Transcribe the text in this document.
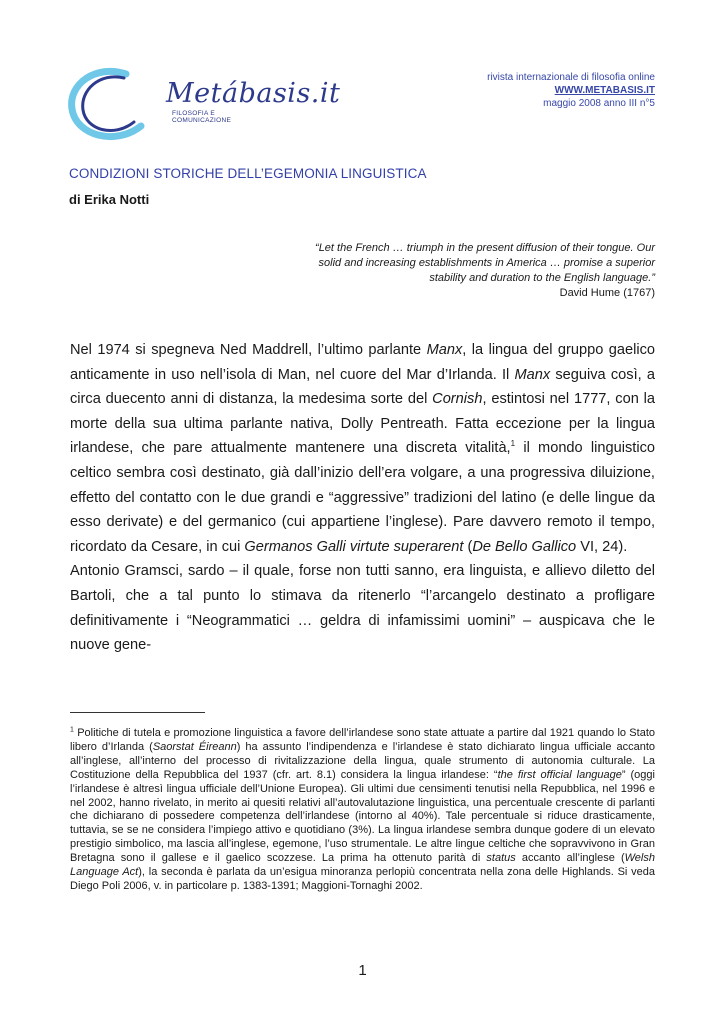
Metábasis.it
FILOSOFIA E COMUNICAZIONE
rivista internazionale di filosofia online
WWW.METABASIS.IT
maggio 2008 anno III n°5
CONDIZIONI STORICHE DELL’EGEMONIA LINGUISTICA
di Erika Notti
“Let the French … triumph in the present diffusion of their tongue. Our solid and increasing establishments in America … promise a superior stability and duration to the English language.”
David Hume (1767)

Nel 1974 si spegneva Ned Maddrell, l’ultimo parlante Manx, la lingua del gruppo gaelico anticamente in uso nell’isola di Man, nel cuore del Mar d’Irlanda. Il Manx seguiva così, a circa duecento anni di distanza, la medesima sorte del Cornish, estintosi nel 1777, con la morte della sua ultima parlante nativa, Dolly Pentreath. Fatta eccezione per la lingua irlandese, che pare attualmente mantenere una discreta vitalità,$^1$ il mondo linguistico celtico sembra così destinato, già dall’inizio dell’era volgare, a una progressiva diluizione, effetto del contatto con le due grandi e “aggressive” tradizioni del latino (e delle lingue da esso derivate) e del germanico (cui appartiene l’inglese). Pare davvero remoto il tempo, ricordato da Cesare, in cui Germanos Galli virtute superarent (De Bello Gallico VI, 24).

Antonio Gramsci, sardo – il quale, forse non tutti sanno, era linguista, e allievo diletto del Bartoli, che a tal punto lo stimava da ritenerlo “l’arcangelo destinato a profligare definitivamente i “Neogrammatici … geldra di infamissimi uomini” – auspicava che le nuove gene-

$^1$ Politiche di tutela e promozione linguistica a favore dell’irlandese sono state attuate a partire dal 1921 quando lo Stato libero d’Irlanda (Saorstat Éireann) ha assunto l’indipendenza e l’irlandese è stato dichiarato lingua ufficiale accanto all’inglese, all’interno del processo di rivitalizzazione della lingua, quale strumento di autonomia culturale. La Costituzione della Repubblica del 1937 (cfr. art. 8.1) considera la lingua irlandese: “the first official language” (oggi l’irlandese è altresì lingua ufficiale dell’Unione Europea). Gli ultimi due censimenti tenutisi nella Repubblica, nel 1996 e nel 2002, hanno rivelato, in merito ai quesiti relativi all’autovalutazione linguistica, una percentuale crescente di parlanti che dichiarano di possedere competenza dell’irlandese (intorno al 40%). Tale percentuale si riduce drasticamente, tuttavia, se se ne considera l’impiego attivo e quotidiano (3%). La lingua irlandese sembra dunque godere di un elevato prestigio simbolico, ma lascia all’inglese, egemone, l’uso strumentale. Le altre lingue celtiche che sopravvivono in Gran Bretagna sono il gallese e il gaelico scozzese. La prima ha ottenuto parità di status accanto all’inglese (Welsh Language Act), la seconda è parlata da un’esigua minoranza perlopiù concentrata nella zona delle Highlands. Si veda Diego Poli 2006, v. in particolare p. 1383-1391; Maggioni-Tornaghi 2002.
1
